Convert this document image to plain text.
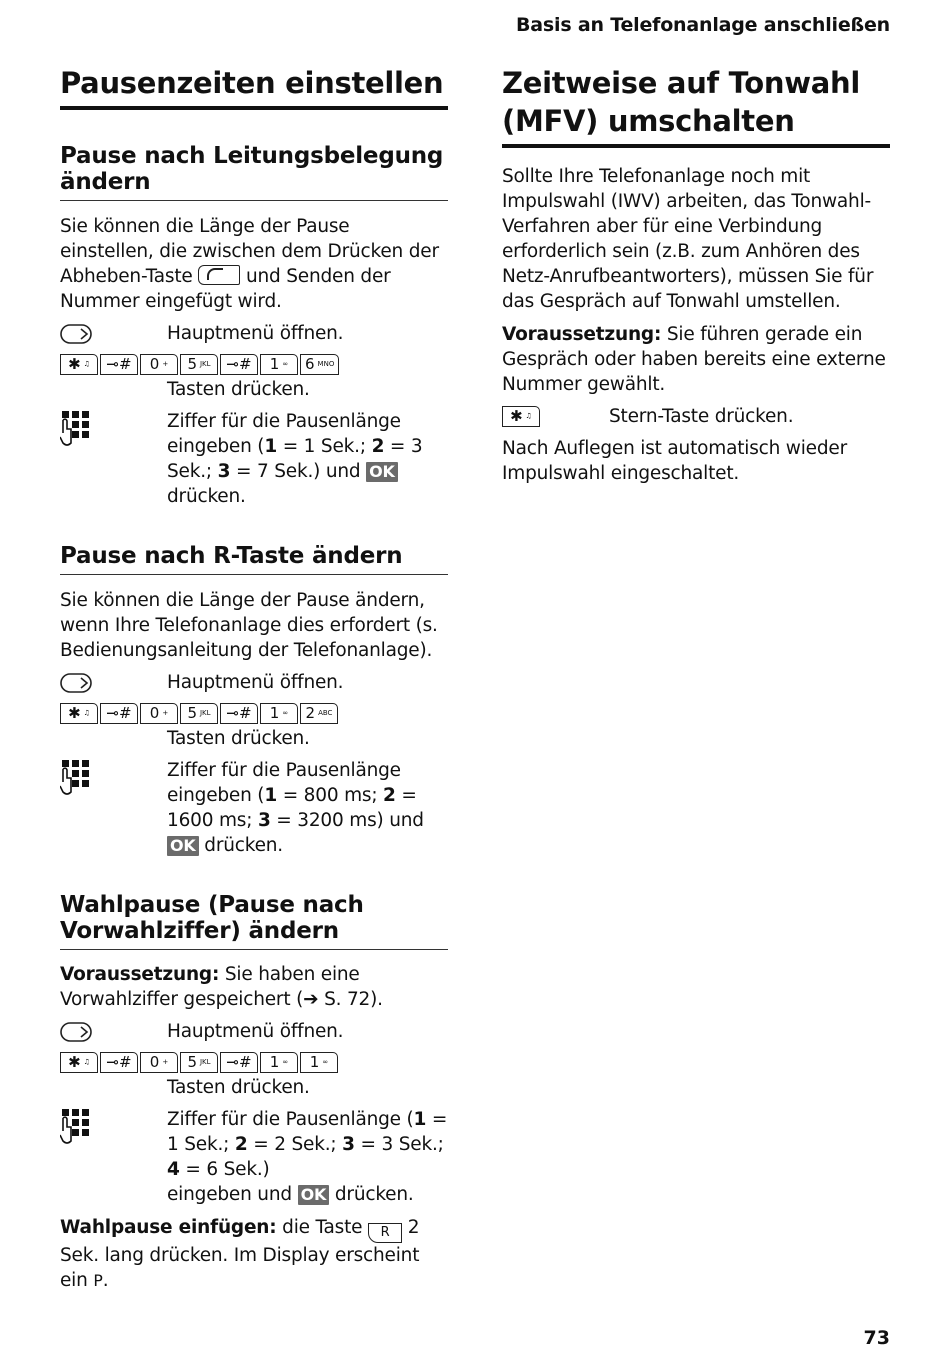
Basis an Telefonanlage anschließen
Pausenzeiten einstellen
Pause nach Leitungsbelegung ändern

Sie können die Länge der Pause einstellen, die zwischen dem Drücken der Abheben-Taste	und Senden der Nummer eingefügt wird.

Hauptmenü öffnen.
✱ ♫ ⊸# 0 + 5 JKL ⊸# 1 ∞ 6 MNO
Tasten drücken.
Ziffer für die Pausenlänge eingeben (1 = 1 Sek.; 2 = 3 Sek.; 3 = 7 Sek.) und OK drücken.
Pause nach R-Taste ändern

Sie können die Länge der Pause ändern, wenn Ihre Telefonanlage dies erfordert (s. Bedienungsanleitung der Telefonanlage).

Hauptmenü öffnen.
✱ ♫ ⊸# 0 + 5 JKL ⊸# 1 ∞ 2 ABC
Tasten drücken.
Ziffer für die Pausenlänge eingeben (1 = 800 ms; 2 = 1600 ms; 3 = 3200 ms) und OK drücken.
Wahlpause (Pause nach Vorwahlziffer) ändern

Voraussetzung: Sie haben eine Vorwahlziffer gespeichert (➔ S. 72).

Hauptmenü öffnen.
✱ ♫ ⊸# 0 + 5 JKL ⊸# 1 ∞ 1 ∞
Tasten drücken.
Ziffer für die Pausenlänge (1 = 1 Sek.; 2 = 2 Sek.; 3 = 3 Sek.; 4 = 6 Sek.)
eingeben und OK drücken.

Wahlpause einfügen: die Taste R 2 Sek. lang drücken. Im Display erscheint ein P.

Zeitweise auf Tonwahl (MFV) umschalten

Sollte Ihre Telefonanlage noch mit Impulswahl (IWV) arbeiten, das Tonwahl-Verfahren aber für eine Verbindung erforderlich sein (z.B. zum Anhören des Netz-Anrufbeantworters), müssen Sie für das Gespräch auf Tonwahl umstellen.

Voraussetzung: Sie führen gerade ein Gespräch oder haben bereits eine externe Nummer gewählt.

✱ ♫	Stern-Taste drücken.

Nach Auflegen ist automatisch wieder Impulswahl eingeschaltet.

73
